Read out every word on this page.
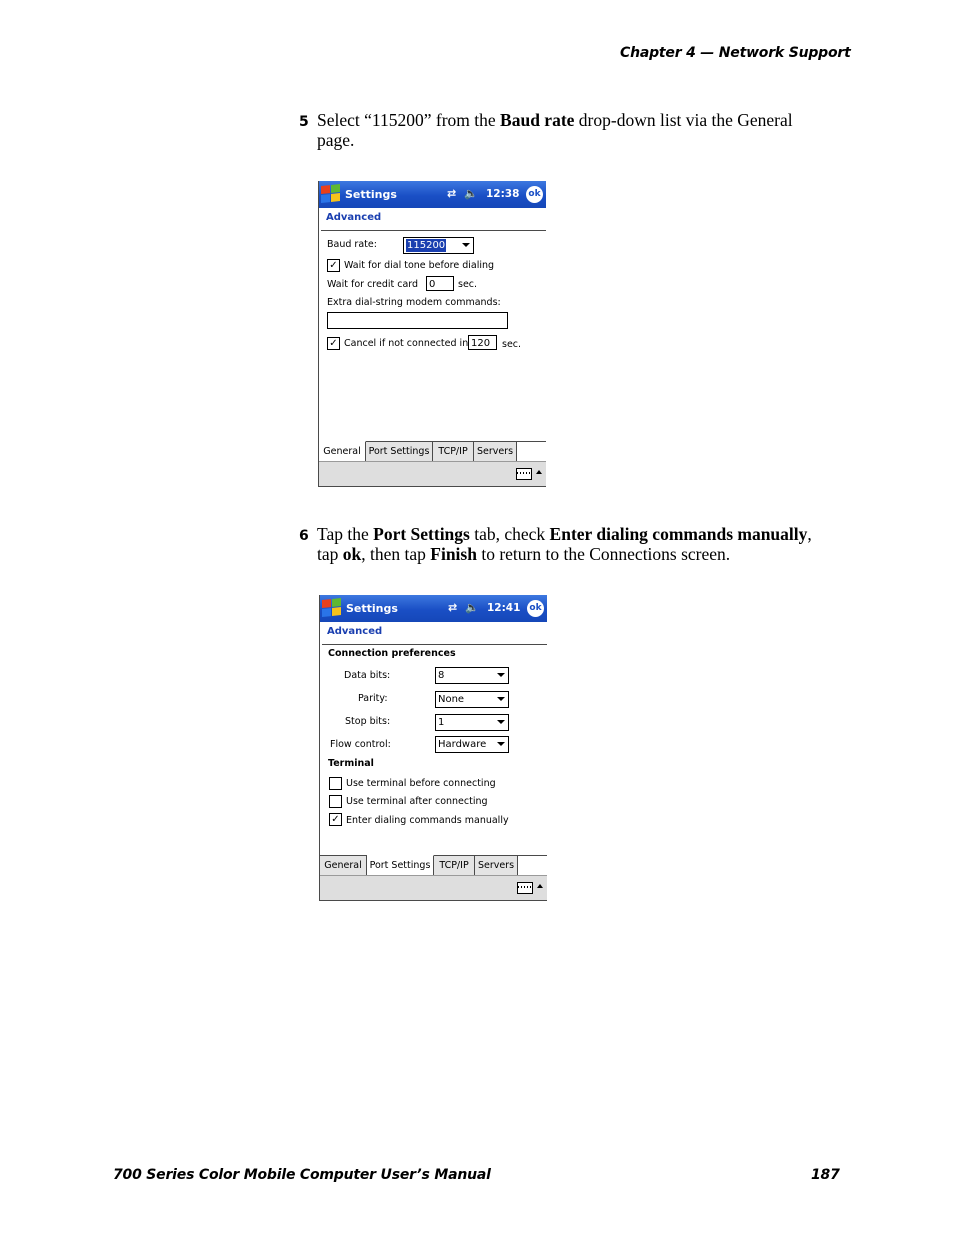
Chapter 4 — Network Support
5 Select “115200” from the Baud rate drop-down list via the General page.
Settings	⇄ 🔈 12:38 ok
Advanced
Baud rate:	115200
✓ Wait for dial tone before dialing
Wait for credit card	0	sec.
Extra dial-string modem commands:
✓ Cancel if not connected in 120	sec.
General Port Settings TCP/IP Servers
6 Tap the Port Settings tab, check Enter dialing commands manually, tap ok, then tap Finish to return to the Connections screen.
Settings	⇄ 🔈 12:41 ok
Advanced
Connection preferences
Data bits:	8
Parity:	None
Stop bits:	1
Flow control:	Hardware
Terminal
Use terminal before connecting
Use terminal after connecting
✓ Enter dialing commands manually
General Port Settings TCP/IP Servers
700 Series Color Mobile Computer User’s Manual	187
